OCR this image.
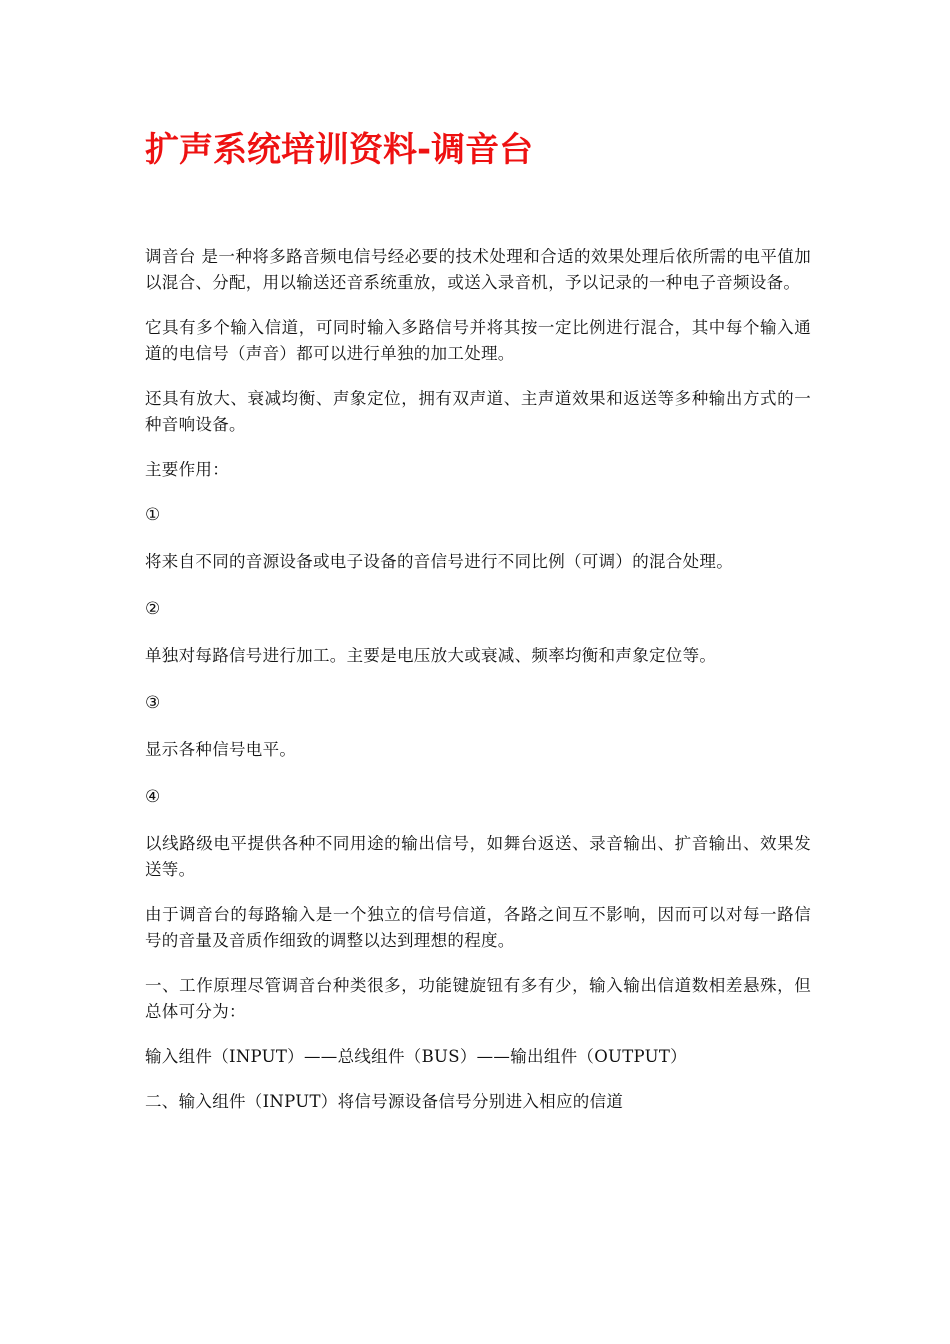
扩声系统培训资料-调音台

调音台 是一种将多路音频电信号经必要的技术处理和合适的效果处理后依所需的电平值加以混合、分配，用以输送还音系统重放，或送入录音机，予以记录的一种电子音频设备。

它具有多个输入信道，可同时输入多路信号并将其按一定比例进行混合，其中每个输入通道的电信号（声音）都可以进行单独的加工处理。

还具有放大、衰减均衡、声象定位，拥有双声道、主声道效果和返送等多种输出方式的一种音响设备。

主要作用：

①

将来自不同的音源设备或电子设备的音信号进行不同比例（可调）的混合处理。

②

单独对每路信号进行加工。主要是电压放大或衰减、频率均衡和声象定位等。

③

显示各种信号电平。

④

以线路级电平提供各种不同用途的输出信号，如舞台返送、录音输出、扩音输出、效果发送等。

由于调音台的每路输入是一个独立的信号信道，各路之间互不影响，因而可以对每一路信号的音量及音质作细致的调整以达到理想的程度。

一、工作原理尽管调音台种类很多，功能键旋钮有多有少，输入输出信道数相差悬殊，但总体可分为：

输入组件（INPUT）——总线组件（BUS）——输出组件（OUTPUT）

二、输入组件（INPUT）将信号源设备信号分别进入相应的信道
